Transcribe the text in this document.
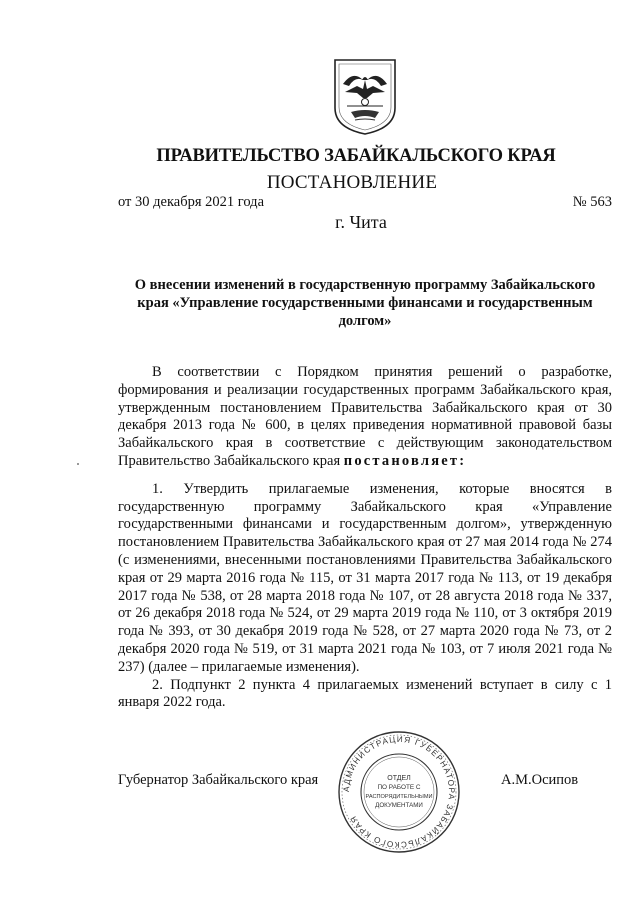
ПРАВИТЕЛЬСТВО ЗАБАЙКАЛЬСКОГО КРАЯ
ПОСТАНОВЛЕНИЕ
от 30 декабря 2021 года	№ 563
г. Чита
О внесении изменений в государственную программу Забайкальского края «Управление государственными финансами и государственным долгом»

В соответствии с Порядком принятия решений о разработке, формирования и реализации государственных программ Забайкальского края, утвержденным постановлением Правительства Забайкальского края от 30 декабря 2013 года № 600, в целях приведения нормативной правовой базы Забайкальского края в соответствие с действующим законодательством Правительство Забайкальского края постановляет:

1. Утвердить прилагаемые изменения, которые вносятся в государственную программу Забайкальского края «Управление государственными финансами и государственным долгом», утвержденную постановлением Правительства Забайкальского края от 27 мая 2014 года № 274 (с изменениями, внесенными постановлениями Правительства Забайкальского края от 29 марта 2016 года № 115, от 31 марта 2017 года № 113, от 19 декабря 2017 года № 538, от 28 марта 2018 года № 107, от 28 августа 2018 года № 337, от 26 декабря 2018 года № 524, от 29 марта 2019 года № 110, от 3 октября 2019 года № 393, от 30 декабря 2019 года № 528, от 27 марта 2020 года № 73, от 2 декабря 2020 года № 519, от 31 марта 2021 года № 103, от 7 июля 2021 года № 237) (далее – прилагаемые изменения).

2. Подпункт 2 пункта 4 прилагаемых изменений вступает в силу с 1 января 2022 года.

Губернатор Забайкальского края	А.М.Осипов
АДМИНИСТРАЦИЯ ГУБЕРНАТОРА ЗАБАЙКАЛЬСКОГО КРАЯ
ОТДЕЛ
ПО РАБОТЕ С
РАСПОРЯДИТЕЛЬНЫМИ
ДОКУМЕНТАМИ
